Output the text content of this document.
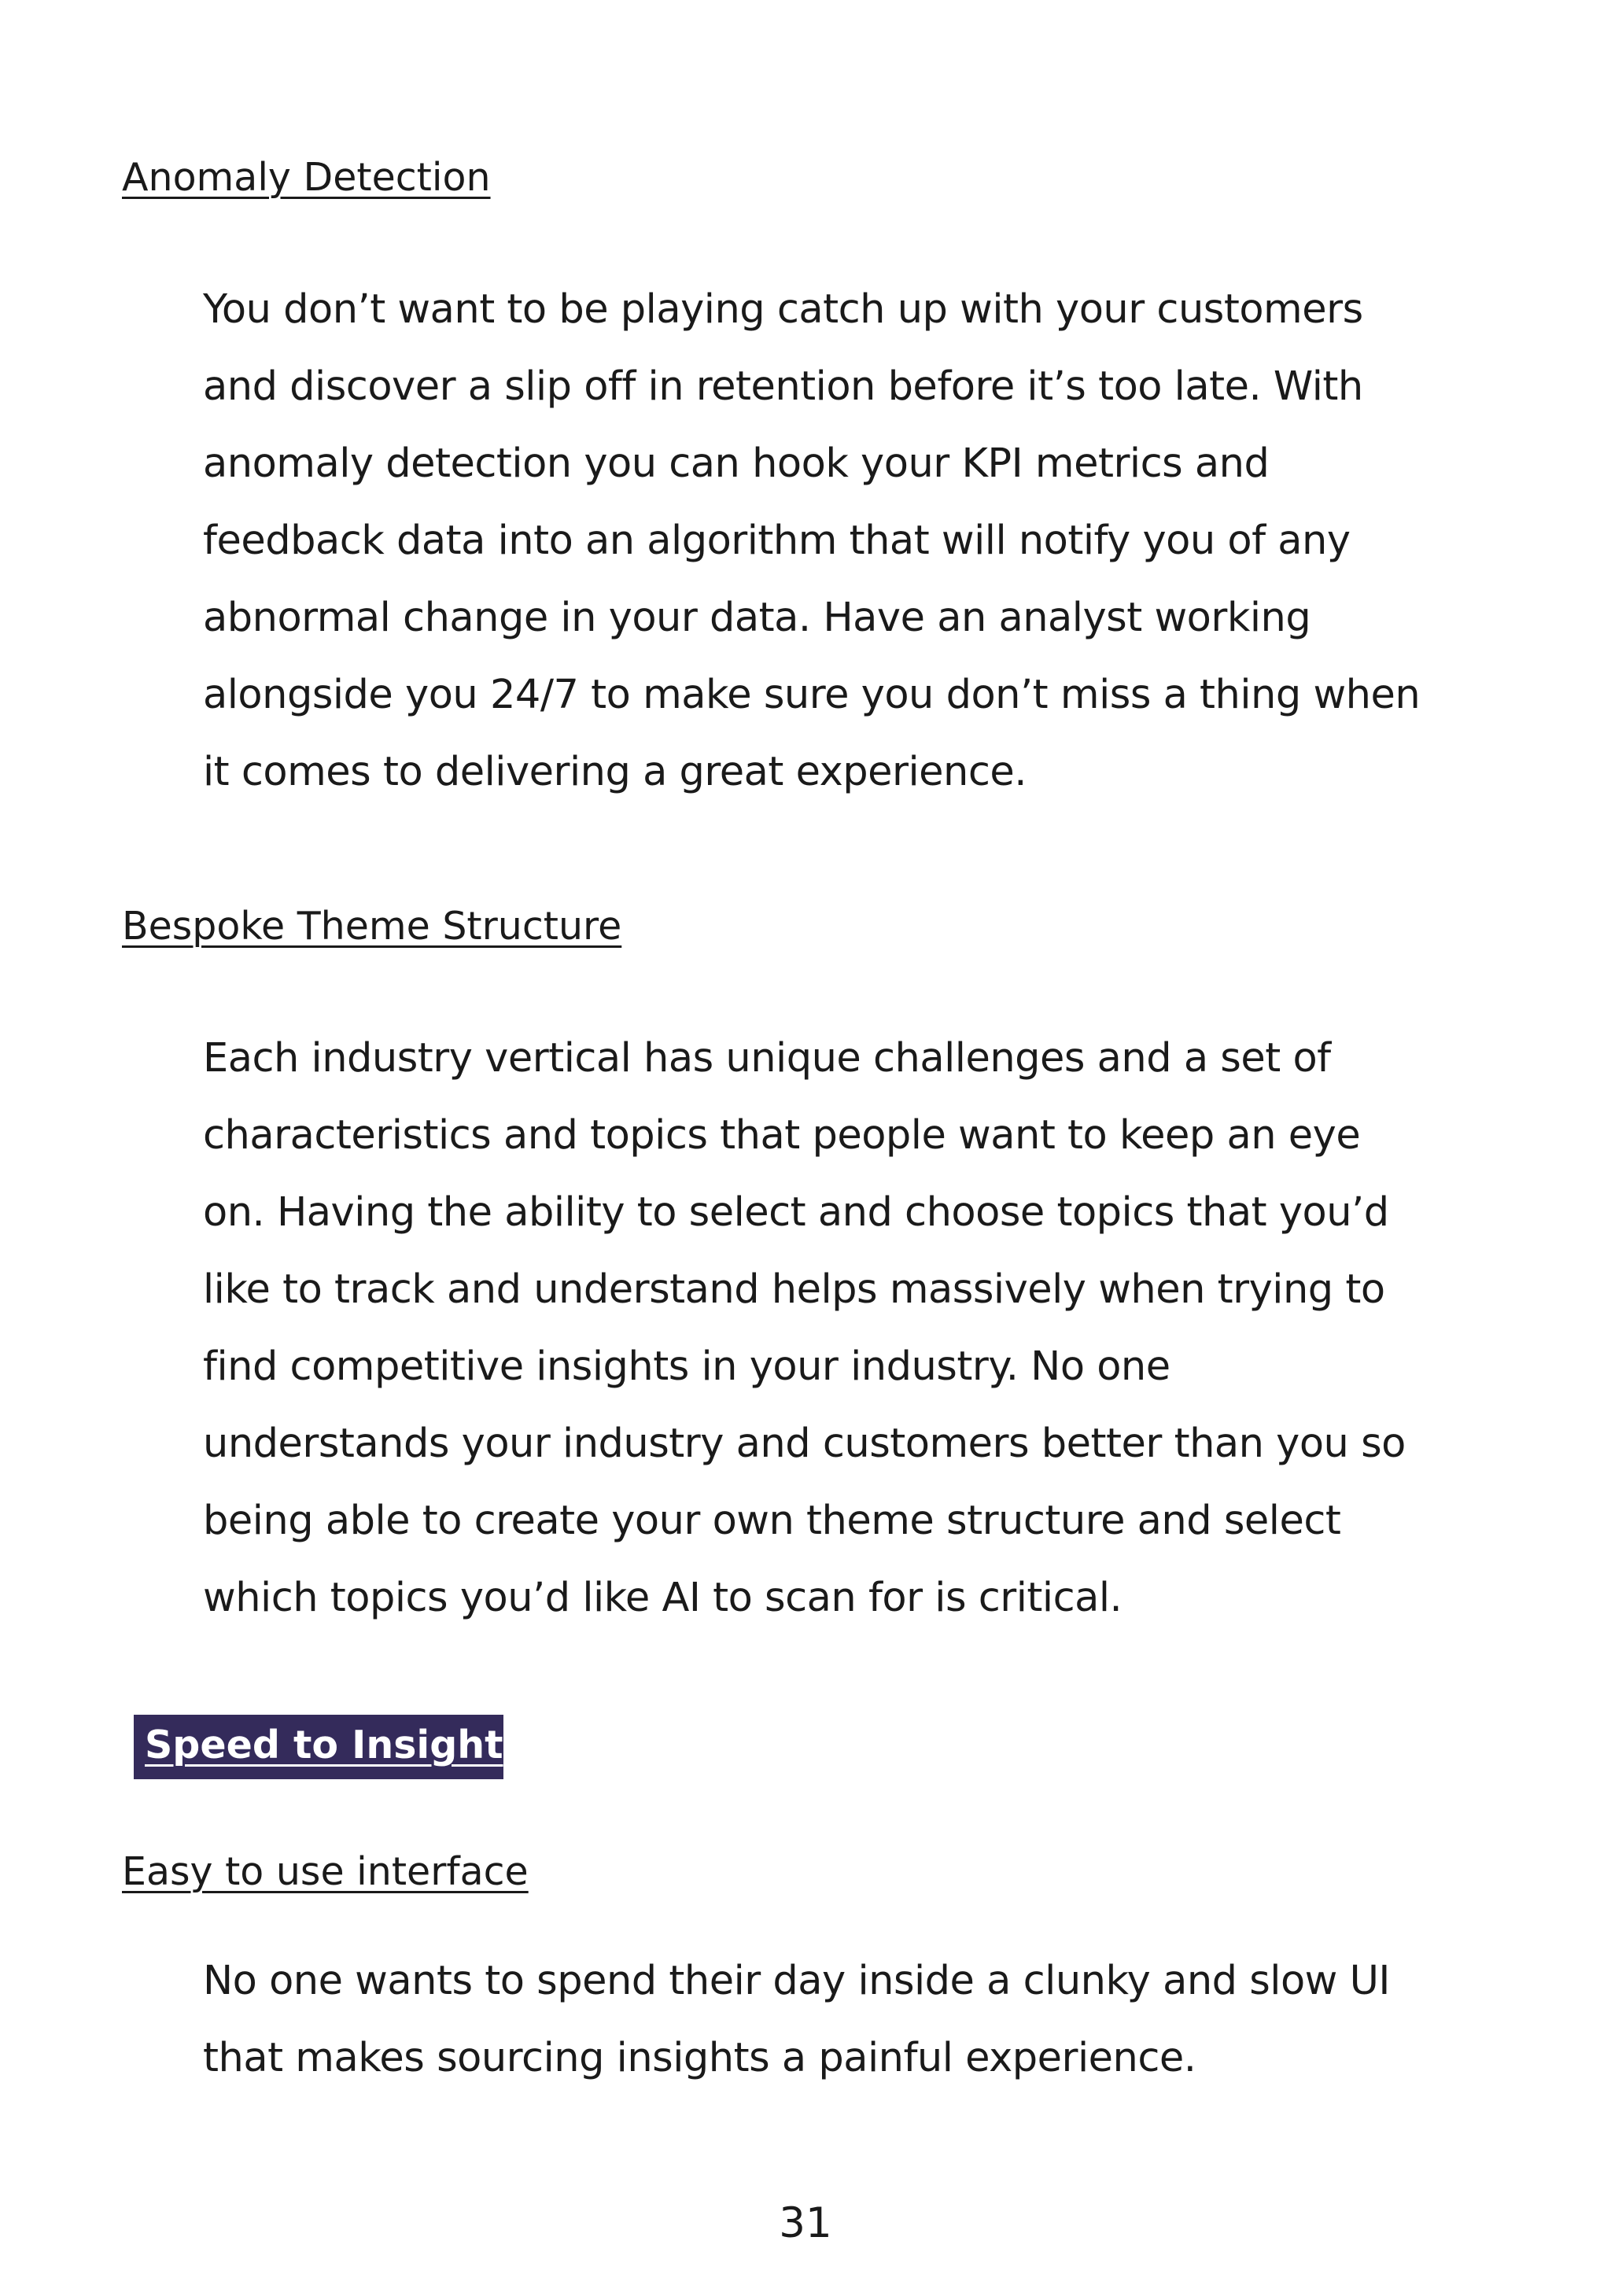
Anomaly Detection

You don’t want to be playing catch up with your customers
and discover a slip off in retention before it’s too late. With
anomaly detection you can hook your KPI metrics and
feedback data into an algorithm that will notify you of any
abnormal change in your data. Have an analyst working
alongside you 24/7 to make sure you don’t miss a thing when
it comes to delivering a great experience.

Bespoke Theme Structure

Each industry vertical has unique challenges and a set of
characteristics and topics that people want to keep an eye
on. Having the ability to select and choose topics that you’d
like to track and understand helps massively when trying to
find competitive insights in your industry. No one
understands your industry and customers better than you so
being able to create your own theme structure and select
which topics you’d like AI to scan for is critical.

Speed to Insight
Easy to use interface

No one wants to spend their day inside a clunky and slow UI
that makes sourcing insights a painful experience.

31
